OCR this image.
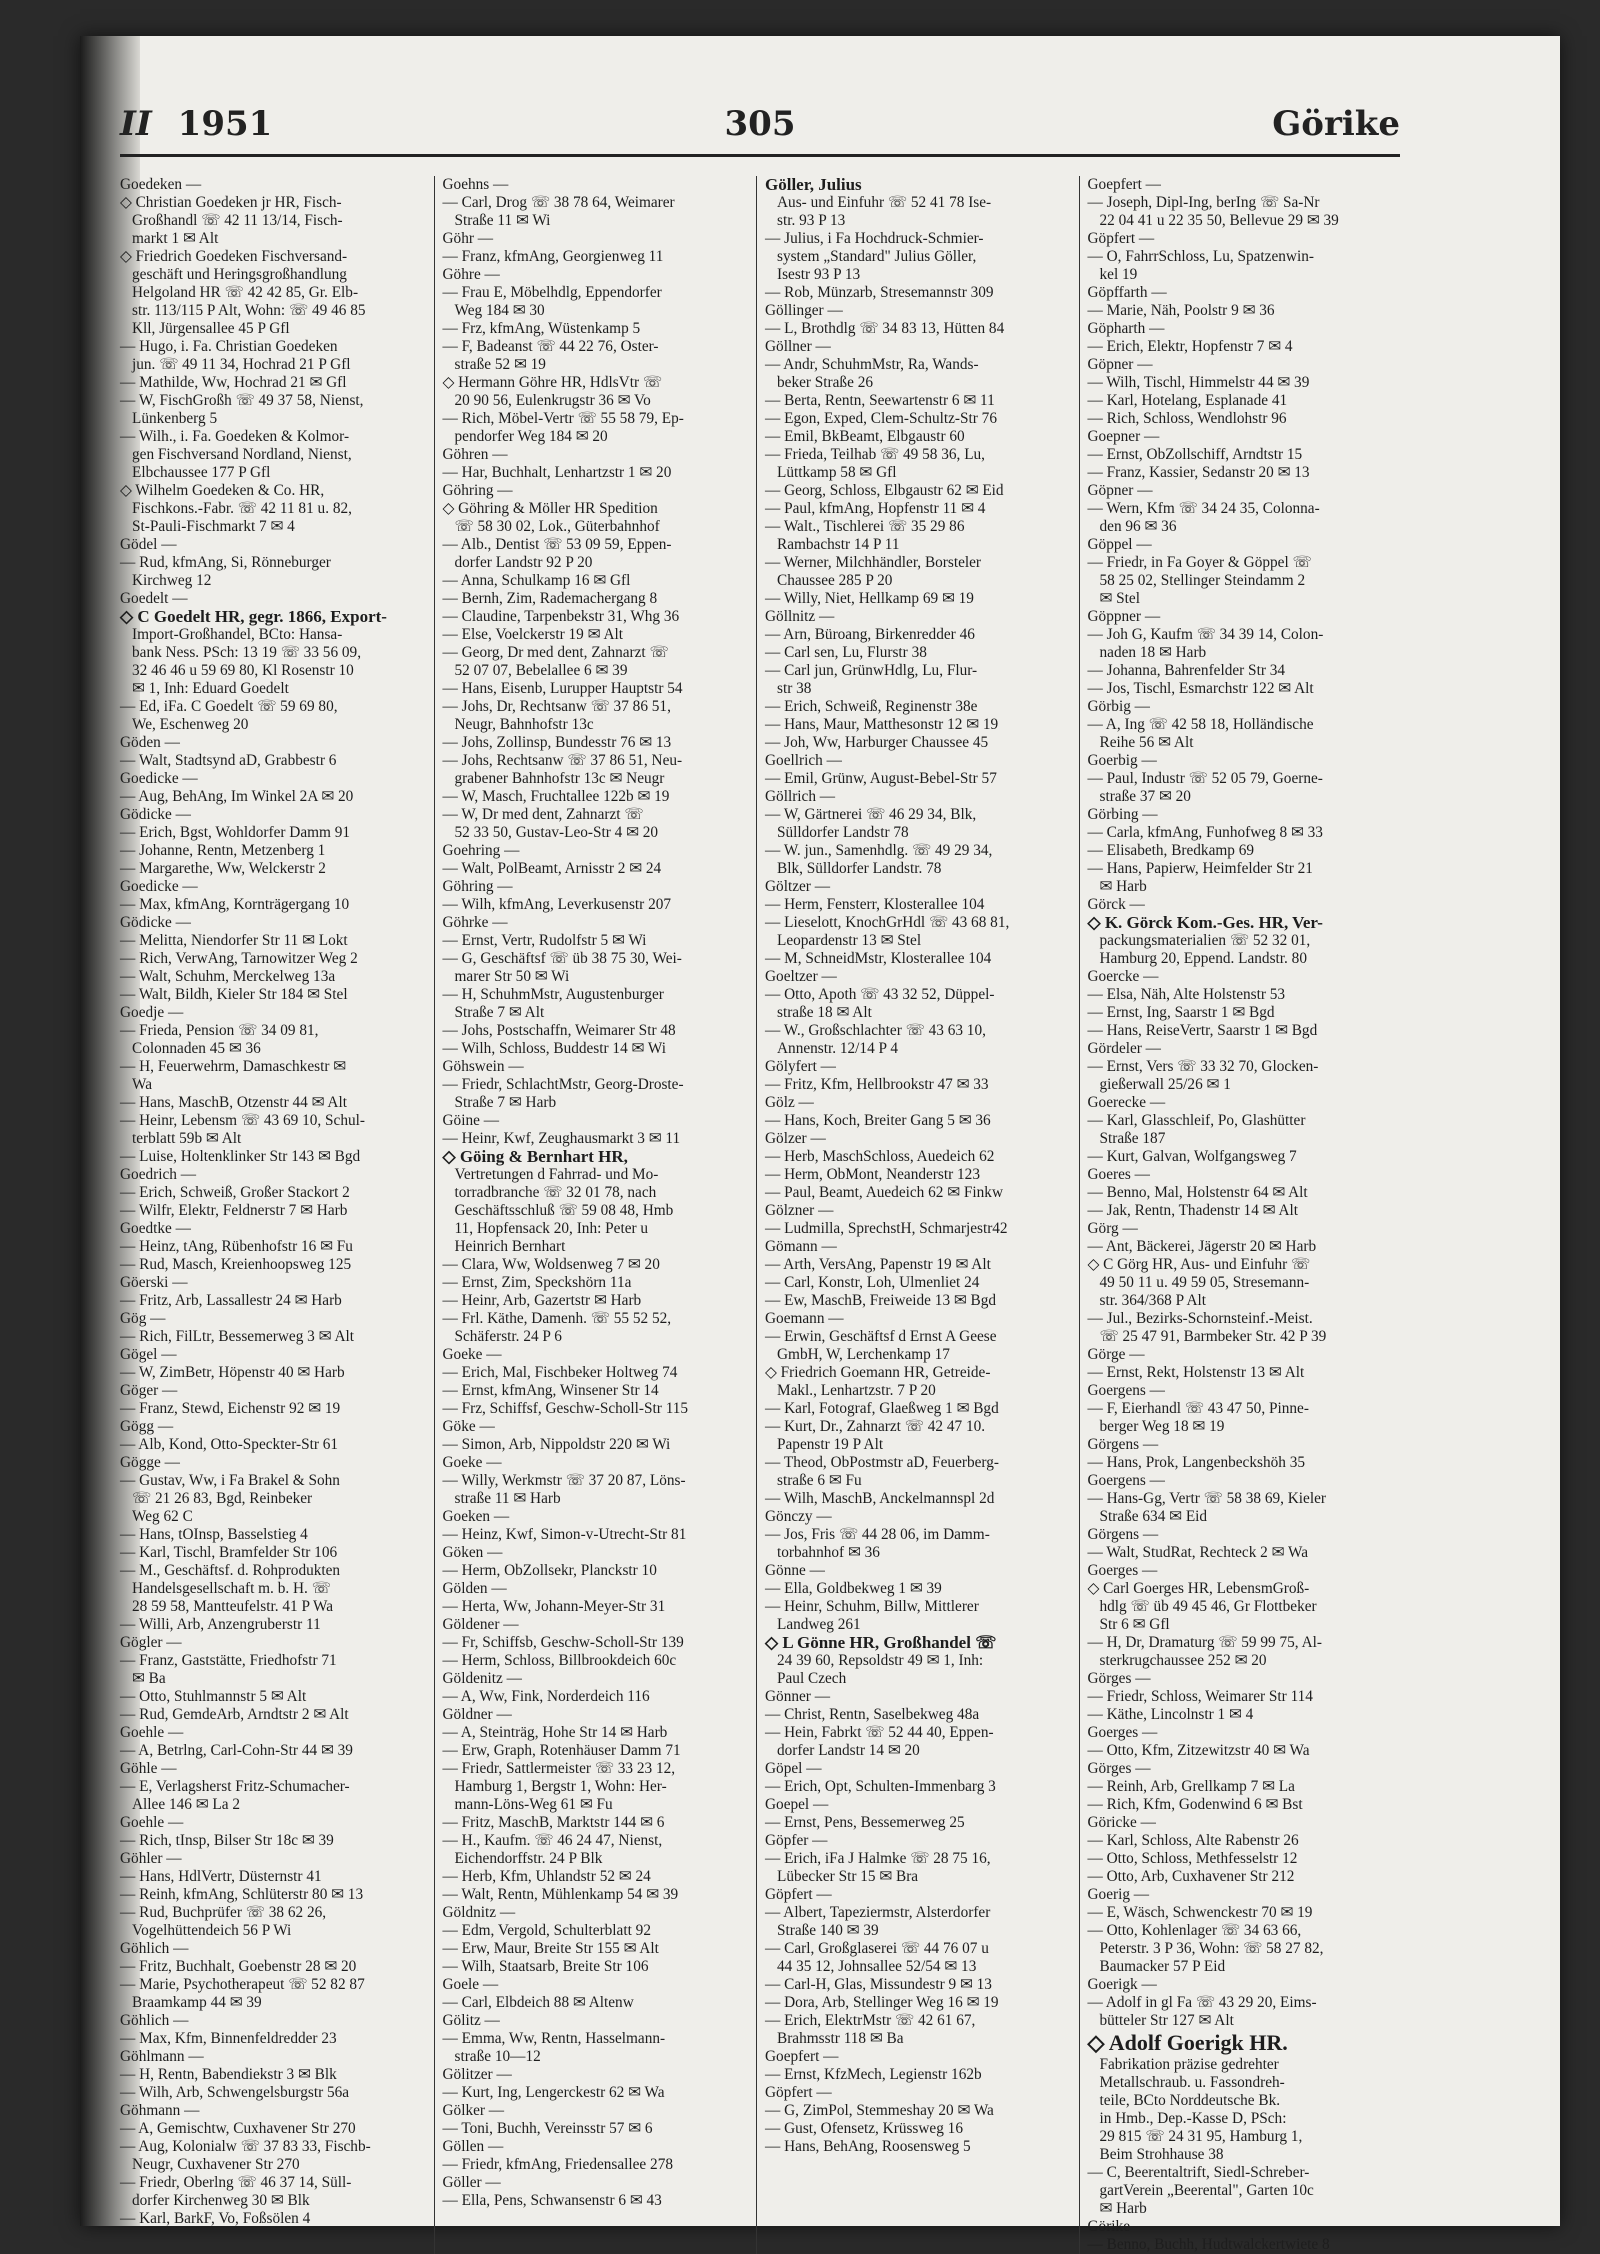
II 1951	305	Görike
Goedeken —
◇ Christian Goedeken jr HR, Fisch-
Großhandl ☏ 42 11 13/14, Fisch-
markt 1 ✉ Alt
◇ Friedrich Goedeken Fischversand-
geschäft und Heringsgroßhandlung
Helgoland HR ☏ 42 42 85, Gr. Elb-
str. 113/115 P Alt, Wohn: ☏ 49 46 85
Kll, Jürgensallee 45 P Gfl
— Hugo, i. Fa. Christian Goedeken
jun. ☏ 49 11 34, Hochrad 21 P Gfl
— Mathilde, Ww, Hochrad 21 ✉ Gfl
— W, FischGroßh ☏ 49 37 58, Nienst,
Lünkenberg 5
— Wilh., i. Fa. Goedeken & Kolmor-
gen Fischversand Nordland, Nienst,
Elbchaussee 177 P Gfl
◇ Wilhelm Goedeken & Co. HR,
Fischkons.-Fabr. ☏ 42 11 81 u. 82,
St-Pauli-Fischmarkt 7 ✉ 4
Gödel —
— Rud, kfmAng, Si, Rönneburger
Kirchweg 12
Goedelt —
◇ C Goedelt HR, gegr. 1866, Export-
Import-Großhandel, BCto: Hansa-
bank Ness. PSch: 13 19 ☏ 33 56 09,
32 46 46 u 59 69 80, Kl Rosenstr 10
✉ 1, Inh: Eduard Goedelt
— Ed, iFa. C Goedelt ☏ 59 69 80,
We, Eschenweg 20
Göden —
— Walt, Stadtsynd aD, Grabbestr 6
Goedicke —
— Aug, BehAng, Im Winkel 2A ✉ 20
Gödicke —
— Erich, Bgst, Wohldorfer Damm 91
— Johanne, Rentn, Metzenberg 1
— Margarethe, Ww, Welckerstr 2
Goedicke —
— Max, kfmAng, Kornträgergang 10
Gödicke —
— Melitta, Niendorfer Str 11 ✉ Lokt
— Rich, VerwAng, Tarnowitzer Weg 2
— Walt, Schuhm, Merckelweg 13a
— Walt, Bildh, Kieler Str 184 ✉ Stel
Goedje —
— Frieda, Pension ☏ 34 09 81,
Colonnaden 45 ✉ 36
— H, Feuerwehrm, Damaschkestr ✉
Wa
— Hans, MaschB, Otzenstr 44 ✉ Alt
— Heinr, Lebensm ☏ 43 69 10, Schul-
terblatt 59b ✉ Alt
— Luise, Holtenklinker Str 143 ✉ Bgd
Goedrich —
— Erich, Schweiß, Großer Stackort 2
— Wilfr, Elektr, Feldnerstr 7 ✉ Harb
Goedtke —
— Heinz, tAng, Rübenhofstr 16 ✉ Fu
— Rud, Masch, Kreienhoopsweg 125
Göerski —
— Fritz, Arb, Lassallestr 24 ✉ Harb
Gög —
— Rich, FilLtr, Bessemerweg 3 ✉ Alt
Gögel —
— W, ZimBetr, Höpenstr 40 ✉ Harb
Göger —
— Franz, Stewd, Eichenstr 92 ✉ 19
Gögg —
— Alb, Kond, Otto-Speckter-Str 61
Gögge —
— Gustav, Ww, i Fa Brakel & Sohn
☏ 21 26 83, Bgd, Reinbeker
Weg 62 C
— Hans, tOInsp, Basselstieg 4
— Karl, Tischl, Bramfelder Str 106
— M., Geschäftsf. d. Rohprodukten
Handelsgesellschaft m. b. H. ☏
28 59 58, Mantteufelstr. 41 P Wa
— Willi, Arb, Anzengruberstr 11
Gögler —
— Franz, Gaststätte, Friedhofstr 71
✉ Ba
— Otto, Stuhlmannstr 5 ✉ Alt
— Rud, GemdeArb, Arndtstr 2 ✉ Alt
Goehle —
— A, Betrlng, Carl-Cohn-Str 44 ✉ 39
Göhle —
— E, Verlagsherst Fritz-Schumacher-
Allee 146 ✉ La 2
Goehle —
— Rich, tInsp, Bilser Str 18c ✉ 39
Göhler —
— Hans, HdlVertr, Düsternstr 41
— Reinh, kfmAng, Schlüterstr 80 ✉ 13
— Rud, Buchprüfer ☏ 38 62 26,
Vogelhüttendeich 56 P Wi
Göhlich —
— Fritz, Buchhalt, Goebenstr 28 ✉ 20
— Marie, Psychotherapeut ☏ 52 82 87
Braamkamp 44 ✉ 39
Göhlich —
— Max, Kfm, Binnenfeldredder 23
Göhlmann —
— H, Rentn, Babendiekstr 3 ✉ Blk
— Wilh, Arb, Schwengelsburgstr 56a
Göhmann —
— A, Gemischtw, Cuxhavener Str 270
— Aug, Kolonialw ☏ 37 83 33, Fischb-
Neugr, Cuxhavener Str 270
— Friedr, Oberlng ☏ 46 37 14, Süll-
dorfer Kirchenweg 30 ✉ Blk
— Karl, BarkF, Vo, Foßsölen 4
Goehns —
— Carl, Drog ☏ 38 78 64, Weimarer
Straße 11 ✉ Wi
Göhr —
— Franz, kfmAng, Georgienweg 11
Göhre —
— Frau E, Möbelhdlg, Eppendorfer
Weg 184 ✉ 30
— Frz, kfmAng, Wüstenkamp 5
— F, Badeanst ☏ 44 22 76, Oster-
straße 52 ✉ 19
◇ Hermann Göhre HR, HdlsVtr ☏
20 90 56, Eulenkrugstr 36 ✉ Vo
— Rich, Möbel-Vertr ☏ 55 58 79, Ep-
pendorfer Weg 184 ✉ 20
Göhren —
— Har, Buchhalt, Lenhartzstr 1 ✉ 20
Göhring —
◇ Göhring & Möller HR Spedition
☏ 58 30 02, Lok., Güterbahnhof
— Alb., Dentist ☏ 53 09 59, Eppen-
dorfer Landstr 92 P 20
— Anna, Schulkamp 16 ✉ Gfl
— Bernh, Zim, Rademachergang 8
— Claudine, Tarpenbekstr 31, Whg 36
— Else, Voelckerstr 19 ✉ Alt
— Georg, Dr med dent, Zahnarzt ☏
52 07 07, Bebelallee 6 ✉ 39
— Hans, Eisenb, Lurupper Hauptstr 54
— Johs, Dr, Rechtsanw ☏ 37 86 51,
Neugr, Bahnhofstr 13c
— Johs, Zollinsp, Bundesstr 76 ✉ 13
— Johs, Rechtsanw ☏ 37 86 51, Neu-
grabener Bahnhofstr 13c ✉ Neugr
— W, Masch, Fruchtallee 122b ✉ 19
— W, Dr med dent, Zahnarzt ☏
52 33 50, Gustav-Leo-Str 4 ✉ 20
Goehring —
— Walt, PolBeamt, Arnisstr 2 ✉ 24
Göhring —
— Wilh, kfmAng, Leverkusenstr 207
Göhrke —
— Ernst, Vertr, Rudolfstr 5 ✉ Wi
— G, Geschäftsf ☏ üb 38 75 30, Wei-
marer Str 50 ✉ Wi
— H, SchuhmMstr, Augustenburger
Straße 7 ✉ Alt
— Johs, Postschaffn, Weimarer Str 48
— Wilh, Schloss, Buddestr 14 ✉ Wi
Göhswein —
— Friedr, SchlachtMstr, Georg-Droste-
Straße 7 ✉ Harb
Göine —
— Heinr, Kwf, Zeughausmarkt 3 ✉ 11
◇ Göing & Bernhart HR,
Vertretungen d Fahrrad- und Mo-
torradbranche ☏ 32 01 78, nach
Geschäftsschluß ☏ 59 08 48, Hmb
11, Hopfensack 20, Inh: Peter u
Heinrich Bernhart
— Clara, Ww, Woldsenweg 7 ✉ 20
— Ernst, Zim, Speckshörn 11a
— Heinr, Arb, Gazertstr ✉ Harb
— Frl. Käthe, Damenh. ☏ 55 52 52,
Schäferstr. 24 P 6
Goeke —
— Erich, Mal, Fischbeker Holtweg 74
— Ernst, kfmAng, Winsener Str 14
— Frz, Schiffsf, Geschw-Scholl-Str 115
Göke —
— Simon, Arb, Nippoldstr 220 ✉ Wi
Goeke —
— Willy, Werkmstr ☏ 37 20 87, Löns-
straße 11 ✉ Harb
Goeken —
— Heinz, Kwf, Simon-v-Utrecht-Str 81
Göken —
— Herm, ObZollsekr, Planckstr 10
Gölden —
— Herta, Ww, Johann-Meyer-Str 31
Göldener —
— Fr, Schiffsb, Geschw-Scholl-Str 139
— Herm, Schloss, Billbrookdeich 60c
Göldenitz —
— A, Ww, Fink, Norderdeich 116
Göldner —
— A, Steinträg, Hohe Str 14 ✉ Harb
— Erw, Graph, Rotenhäuser Damm 71
— Friedr, Sattlermeister ☏ 33 23 12,
Hamburg 1, Bergstr 1, Wohn: Her-
mann-Löns-Weg 61 ✉ Fu
— Fritz, MaschB, Marktstr 144 ✉ 6
— H., Kaufm. ☏ 46 24 47, Nienst,
Eichendorffstr. 24 P Blk
— Herb, Kfm, Uhlandstr 52 ✉ 24
— Walt, Rentn, Mühlenkamp 54 ✉ 39
Göldnitz —
— Edm, Vergold, Schulterblatt 92
— Erw, Maur, Breite Str 155 ✉ Alt
— Wilh, Staatsarb, Breite Str 106
Goele —
— Carl, Elbdeich 88 ✉ Altenw
Gölitz —
— Emma, Ww, Rentn, Hasselmann-
straße 10—12
Gölitzer —
— Kurt, Ing, Lengerckestr 62 ✉ Wa
Gölker —
— Toni, Buchh, Vereinsstr 57 ✉ 6
Göllen —
— Friedr, kfmAng, Friedensallee 278
Göller —
— Ella, Pens, Schwansenstr 6 ✉ 43
Göller, Julius
Aus- und Einfuhr ☏ 52 41 78 Ise-
str. 93 P 13
— Julius, i Fa Hochdruck-Schmier-
system „Standard" Julius Göller,
Isestr 93 P 13
— Rob, Münzarb, Stresemannstr 309
Göllinger —
— L, Brothdlg ☏ 34 83 13, Hütten 84
Göllner —
— Andr, SchuhmMstr, Ra, Wands-
beker Straße 26
— Berta, Rentn, Seewartenstr 6 ✉ 11
— Egon, Exped, Clem-Schultz-Str 76
— Emil, BkBeamt, Elbgaustr 60
— Frieda, Teilhab ☏ 49 58 36, Lu,
Lüttkamp 58 ✉ Gfl
— Georg, Schloss, Elbgaustr 62 ✉ Eid
— Paul, kfmAng, Hopfenstr 11 ✉ 4
— Walt., Tischlerei ☏ 35 29 86
Rambachstr 14 P 11
— Werner, Milchhändler, Borsteler
Chaussee 285 P 20
— Willy, Niet, Hellkamp 69 ✉ 19
Göllnitz —
— Arn, Büroang, Birkenredder 46
— Carl sen, Lu, Flurstr 38
— Carl jun, GrünwHdlg, Lu, Flur-
str 38
— Erich, Schweiß, Reginenstr 38e
— Hans, Maur, Matthesonstr 12 ✉ 19
— Joh, Ww, Harburger Chaussee 45
Goellrich —
— Emil, Grünw, August-Bebel-Str 57
Göllrich —
— W, Gärtnerei ☏ 46 29 34, Blk,
Sülldorfer Landstr 78
— W. jun., Samenhdlg. ☏ 49 29 34,
Blk, Sülldorfer Landstr. 78
Göltzer —
— Herm, Fensterr, Klosterallee 104
— Lieselott, KnochGrHdl ☏ 43 68 81,
Leopardenstr 13 ✉ Stel
— M, SchneidMstr, Klosterallee 104
Goeltzer —
— Otto, Apoth ☏ 43 32 52, Düppel-
straße 18 ✉ Alt
— W., Großschlachter ☏ 43 63 10,
Annenstr. 12/14 P 4
Gölyfert —
— Fritz, Kfm, Hellbrookstr 47 ✉ 33
Gölz —
— Hans, Koch, Breiter Gang 5 ✉ 36
Gölzer —
— Herb, MaschSchloss, Auedeich 62
— Herm, ObMont, Neanderstr 123
— Paul, Beamt, Auedeich 62 ✉ Finkw
Gölzner —
— Ludmilla, SprechstH, Schmarjestr42
Gömann —
— Arth, VersAng, Papenstr 19 ✉ Alt
— Carl, Konstr, Loh, Ulmenliet 24
— Ew, MaschB, Freiweide 13 ✉ Bgd
Goemann —
— Erwin, Geschäftsf d Ernst A Geese
GmbH, W, Lerchenkamp 17
◇ Friedrich Goemann HR, Getreide-
Makl., Lenhartzstr. 7 P 20
— Karl, Fotograf, Glaeßweg 1 ✉ Bgd
— Kurt, Dr., Zahnarzt ☏ 42 47 10.
Papenstr 19 P Alt
— Theod, ObPostmstr aD, Feuerberg-
straße 6 ✉ Fu
— Wilh, MaschB, Anckelmannspl 2d
Gönczy —
— Jos, Fris ☏ 44 28 06, im Damm-
torbahnhof ✉ 36
Gönne —
— Ella, Goldbekweg 1 ✉ 39
— Heinr, Schuhm, Billw, Mittlerer
Landweg 261
◇ L Gönne HR, Großhandel ☏
24 39 60, Repsoldstr 49 ✉ 1, Inh:
Paul Czech
Gönner —
— Christ, Rentn, Saselbekweg 48a
— Hein, Fabrkt ☏ 52 44 40, Eppen-
dorfer Landstr 14 ✉ 20
Göpel —
— Erich, Opt, Schulten-Immenbarg 3
Goepel —
— Ernst, Pens, Bessemerweg 25
Göpfer —
— Erich, iFa J Halmke ☏ 28 75 16,
Lübecker Str 15 ✉ Bra
Göpfert —
— Albert, Tapeziermstr, Alsterdorfer
Straße 140 ✉ 39
— Carl, Großglaserei ☏ 44 76 07 u
44 35 12, Johnsallee 52/54 ✉ 13
— Carl-H, Glas, Missundestr 9 ✉ 13
— Dora, Arb, Stellinger Weg 16 ✉ 19
— Erich, ElektrMstr ☏ 42 61 67,
Brahmsstr 118 ✉ Ba
Goepfert —
— Ernst, KfzMech, Legienstr 162b
Göpfert —
— G, ZimPol, Stemmeshay 20 ✉ Wa
— Gust, Ofensetz, Krüssweg 16
— Hans, BehAng, Roosensweg 5
Goepfert —
— Joseph, Dipl-Ing, berIng ☏ Sa-Nr
22 04 41 u 22 35 50, Bellevue 29 ✉ 39
Göpfert —
— O, FahrrSchloss, Lu, Spatzenwin-
kel 19
Göpffarth —
— Marie, Näh, Poolstr 9 ✉ 36
Göpharth —
— Erich, Elektr, Hopfenstr 7 ✉ 4
Göpner —
— Wilh, Tischl, Himmelstr 44 ✉ 39
— Karl, Hotelang, Esplanade 41
— Rich, Schloss, Wendlohstr 96
Goepner —
— Ernst, ObZollschiff, Arndtstr 15
— Franz, Kassier, Sedanstr 20 ✉ 13
Göpner —
— Wern, Kfm ☏ 34 24 35, Colonna-
den 96 ✉ 36
Göppel —
— Friedr, in Fa Goyer & Göppel ☏
58 25 02, Stellinger Steindamm 2
✉ Stel
Göppner —
— Joh G, Kaufm ☏ 34 39 14, Colon-
naden 18 ✉ Harb
— Johanna, Bahrenfelder Str 34
— Jos, Tischl, Esmarchstr 122 ✉ Alt
Görbig —
— A, Ing ☏ 42 58 18, Holländische
Reihe 56 ✉ Alt
Goerbig —
— Paul, Industr ☏ 52 05 79, Goerne-
straße 37 ✉ 20
Görbing —
— Carla, kfmAng, Funhofweg 8 ✉ 33
— Elisabeth, Bredkamp 69
— Hans, Papierw, Heimfelder Str 21
✉ Harb
Görck —
◇ K. Görck Kom.-Ges. HR, Ver-
packungsmaterialien ☏ 52 32 01,
Hamburg 20, Eppend. Landstr. 80
Goercke —
— Elsa, Näh, Alte Holstenstr 53
— Ernst, Ing, Saarstr 1 ✉ Bgd
— Hans, ReiseVertr, Saarstr 1 ✉ Bgd
Gördeler —
— Ernst, Vers ☏ 33 32 70, Glocken-
gießerwall 25/26 ✉ 1
Goerecke —
— Karl, Glasschleif, Po, Glashütter
Straße 187
— Kurt, Galvan, Wolfgangsweg 7
Goeres —
— Benno, Mal, Holstenstr 64 ✉ Alt
— Jak, Rentn, Thadenstr 14 ✉ Alt
Görg —
— Ant, Bäckerei, Jägerstr 20 ✉ Harb
◇ C Görg HR, Aus- und Einfuhr ☏
49 50 11 u. 49 59 05, Stresemann-
str. 364/368 P Alt
— Jul., Bezirks-Schornsteinf.-Meist.
☏ 25 47 91, Barmbeker Str. 42 P 39
Görge —
— Ernst, Rekt, Holstenstr 13 ✉ Alt
Goergens —
— F, Eierhandl ☏ 43 47 50, Pinne-
berger Weg 18 ✉ 19
Görgens —
— Hans, Prok, Langenbeckshöh 35
Goergens —
— Hans-Gg, Vertr ☏ 58 38 69, Kieler
Straße 634 ✉ Eid
Görgens —
— Walt, StudRat, Rechteck 2 ✉ Wa
Goerges —
◇ Carl Goerges HR, LebensmGroß-
hdlg ☏ üb 49 45 46, Gr Flottbeker
Str 6 ✉ Gfl
— H, Dr, Dramaturg ☏ 59 99 75, Al-
sterkrugchaussee 252 ✉ 20
Görges —
— Friedr, Schloss, Weimarer Str 114
— Käthe, Lincolnstr 1 ✉ 4
Goerges —
— Otto, Kfm, Zitzewitzstr 40 ✉ Wa
Görges —
— Reinh, Arb, Grellkamp 7 ✉ La
— Rich, Kfm, Godenwind 6 ✉ Bst
Göricke —
— Karl, Schloss, Alte Rabenstr 26
— Otto, Schloss, Methfesselstr 12
— Otto, Arb, Cuxhavener Str 212
Goerig —
— E, Wäsch, Schwenckestr 70 ✉ 19
— Otto, Kohlenlager ☏ 34 63 66,
Peterstr. 3 P 36, Wohn: ☏ 58 27 82,
Baumacker 57 P Eid
Goerigk —
— Adolf in gl Fa ☏ 43 29 20, Eims-
bütteler Str 127 ✉ Alt
◇ Adolf Goerigk HR.
Fabrikation präzise gedrehter
Metallschraub. u. Fassondreh-
teile, BCto Norddeutsche Bk.
in Hmb., Dep.-Kasse D, PSch:
29 815 ☏ 24 31 95, Hamburg 1,
Beim Strohhause 38
— C, Beerentaltrift, Siedl-Schreber-
gartVerein „Beerental", Garten 10c
✉ Harb
Görike —
— Benno, Buchh, Hudtwalckertwiete 8
